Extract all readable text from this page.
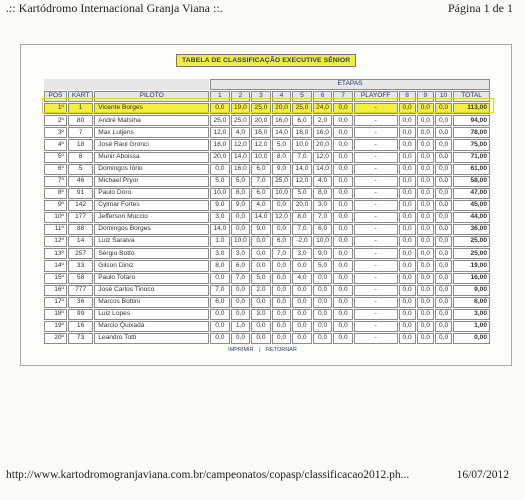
.:: Kartódromo Internacional Granja Viana ::.	Página 1 de 1
TABELA DE CLASSIFICAÇÃO EXECUTIVE SÊNIOR
			ETAPAS											
POS	KART	PILOTO	1	2	3	4	5	6	7	PLAYOFF	8	9	10	TOTAL
1º	1	Vicente Borges	0,0	19,0	25,0	20,0	25,0	24,0	0,0	-	0,0	0,0	0,0	113,00
2º	80	André Matsiha	25,0	25,0	20,0	16,0	6,0	2,0	0,0	-	0,0	0,0	0,0	94,00
3º	7	Max Lutjens	12,0	4,0	16,0	14,0	16,0	16,0	0,0	-	0,0	0,0	0,0	78,00
4º	18	José Raul Gronci	16,0	12,0	12,0	5,0	10,0	20,0	0,0	-	0,0	0,0	0,0	75,00
5º	8	Munir Aboissa	20,0	14,0	10,0	8,0	7,0	12,0	0,0	-	0,0	0,0	0,0	71,00
6º	5	Domingos Iório	0,0	16,0	6,0	9,0	14,0	14,0	0,0	-	0,0	0,0	0,0	61,00
7º	46	Michael Pryor	5,0	5,0	7,0	25,0	12,0	4,0	0,0	-	0,0	0,0	0,0	58,00
8º	91	Paulo Doro	10,0	8,0	6,0	10,0	5,0	8,0	0,0	-	0,0	0,0	0,0	47,00
9º	142	Cylmar Fortes	9,0	9,0	4,0	0,0	20,0	3,0	0,0	-	0,0	0,0	0,0	45,00
10º	177	Jefferson Muccio	3,0	0,0	14,0	12,0	8,0	7,0	0,0	-	0,0	0,0	0,0	44,00
11º	88	Domingos Borges	14,0	0,0	9,0	0,0	7,0	6,0	0,0	-	0,0	0,0	0,0	36,00
12º	14	Luiz Saraiva	1,0	10,0	0,0	6,0	-2,0	10,0	0,0	-	0,0	0,0	0,0	25,00
13º	257	Sérgio Botto	3,0	3,0	0,0	7,0	3,0	9,0	0,0	-	0,0	0,0	0,0	25,00
14º	33	Gilson Diniz	8,0	6,0	0,0	0,0	0,0	5,0	0,0	-	0,0	0,0	0,0	19,00
15º	58	Paulo Totaro	0,0	7,0	5,0	0,0	4,0	0,0	0,0	-	0,0	0,0	0,0	16,00
16º	777	José Carlos Tinoco	7,0	0,0	2,0	0,0	0,0	0,0	0,0	-	0,0	0,0	0,0	9,00
17º	36	Marcos Bottini	6,0	0,0	0,0	0,0	0,0	0,0	0,0	-	0,0	0,0	0,0	6,00
18º	99	Luiz Lopes	0,0	0,0	3,0	0,0	0,0	0,0	0,0	-	0,0	0,0	0,0	3,00
19º	16	Marcio Quixadá	0,0	1,0	0,0	0,0	0,0	0,0	0,0	-	0,0	0,0	0,0	1,00
20º	73	Leandro Totti	0,0	0,0	0,0	0,0	0,0	0,0	0,0	-	0,0	0,0	0,0	0,00
IMPRIMIR | RETORNAR
http://www.kartodromogranjaviana.com.br/campeonatos/copasp/classificacao2012.ph...	16/07/2012
